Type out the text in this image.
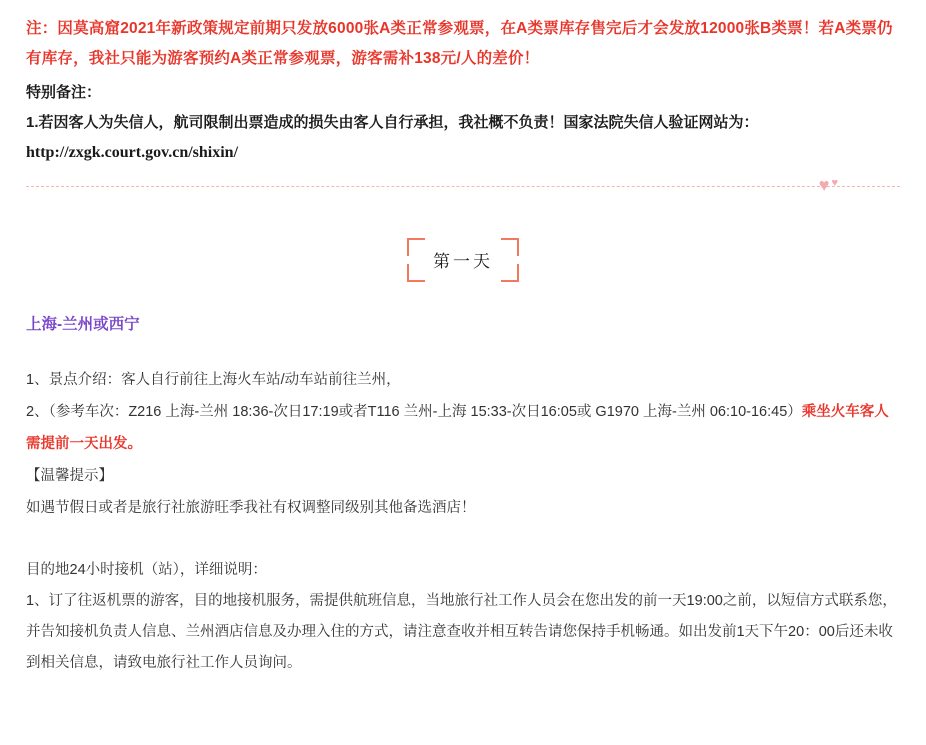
注：因莫高窟2021年新政策规定前期只发放6000张A类正常参观票，在A类票库存售完后才会发放12000张B类票！若A类票仍有库存，我社只能为游客预约A类正常参观票，游客需补138元/人的差价！

特别备注：

1.若因客人为失信人，航司限制出票造成的损失由客人自行承担，我社概不负责！国家法院失信人验证网站为：http://zxgk.court.gov.cn/shixin/

♥♥
第一天

上海-兰州或西宁

1、景点介绍：客人自行前往上海火车站/动车站前往兰州，

2、（参考车次：Z216 上海-兰州 18:36-次日17:19或者T116 兰州-上海 15:33-次日16:05或 G1970 上海-兰州 06:10-16:45）乘坐火车客人需提前一天出发。

【温馨提示】

如遇节假日或者是旅行社旅游旺季我社有权调整同级别其他备选酒店！

目的地24小时接机（站），详细说明：

1、订了往返机票的游客，目的地接机服务，需提供航班信息，当地旅行社工作人员会在您出发的前一天19:00之前，以短信方式联系您，并告知接机负责人信息、兰州酒店信息及办理入住的方式，请注意查收并相互转告请您保持手机畅通。如出发前1天下午20：00后还未收到相关信息，请致电旅行社工作人员询问。
